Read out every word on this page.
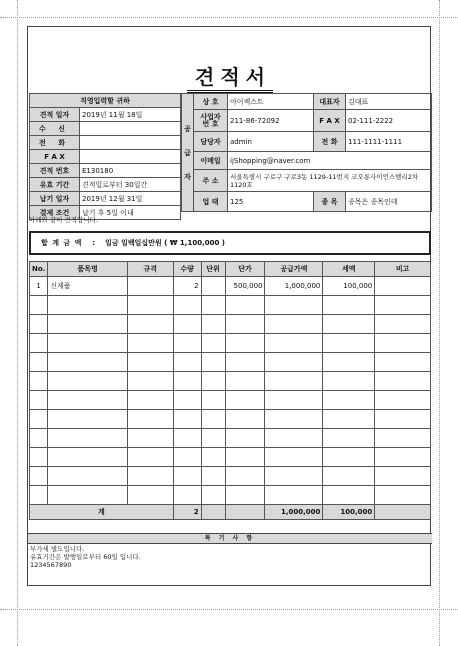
견적서
직영입력할 귀하	
견적 일자	2019년 11월 18일
수 신	
전 화	
F A X	
견적 번호	E130180
유효 기간	견적일로부터 30일간
납기 일자	2019년 12월 31일
결제 조건	납기 후 5일 이내
공
급
자	상 호	아이젝스트	대표자	김대표
	사업자 번 호	211-86-72092	F A X	02-111-2222
	담당자	admin	전 화	111-1111-1111
	이메일	ijShopping@naver.com		
	주 소	서울특별시 구로구 구로3동 1129-11번지 코오롱사이언스밸리2차 1120호		
	업 태	125	종 목	종목은 종목인데
아래와 같이 견적합니다.
합 계 금 액 : 일금 일백일십만원 ( ₩ 1,100,000 )
No.	품목명	규격	수량	단위	단가	공급가액	세액	비고
1	신제품		2		500,000	1,000,000	100,000	

계			2			1,000,000	100,000	
특 기 사 항
부가세 별도입니다.
유효기간은 발행일로부터 60일 입니다.
1234567890
